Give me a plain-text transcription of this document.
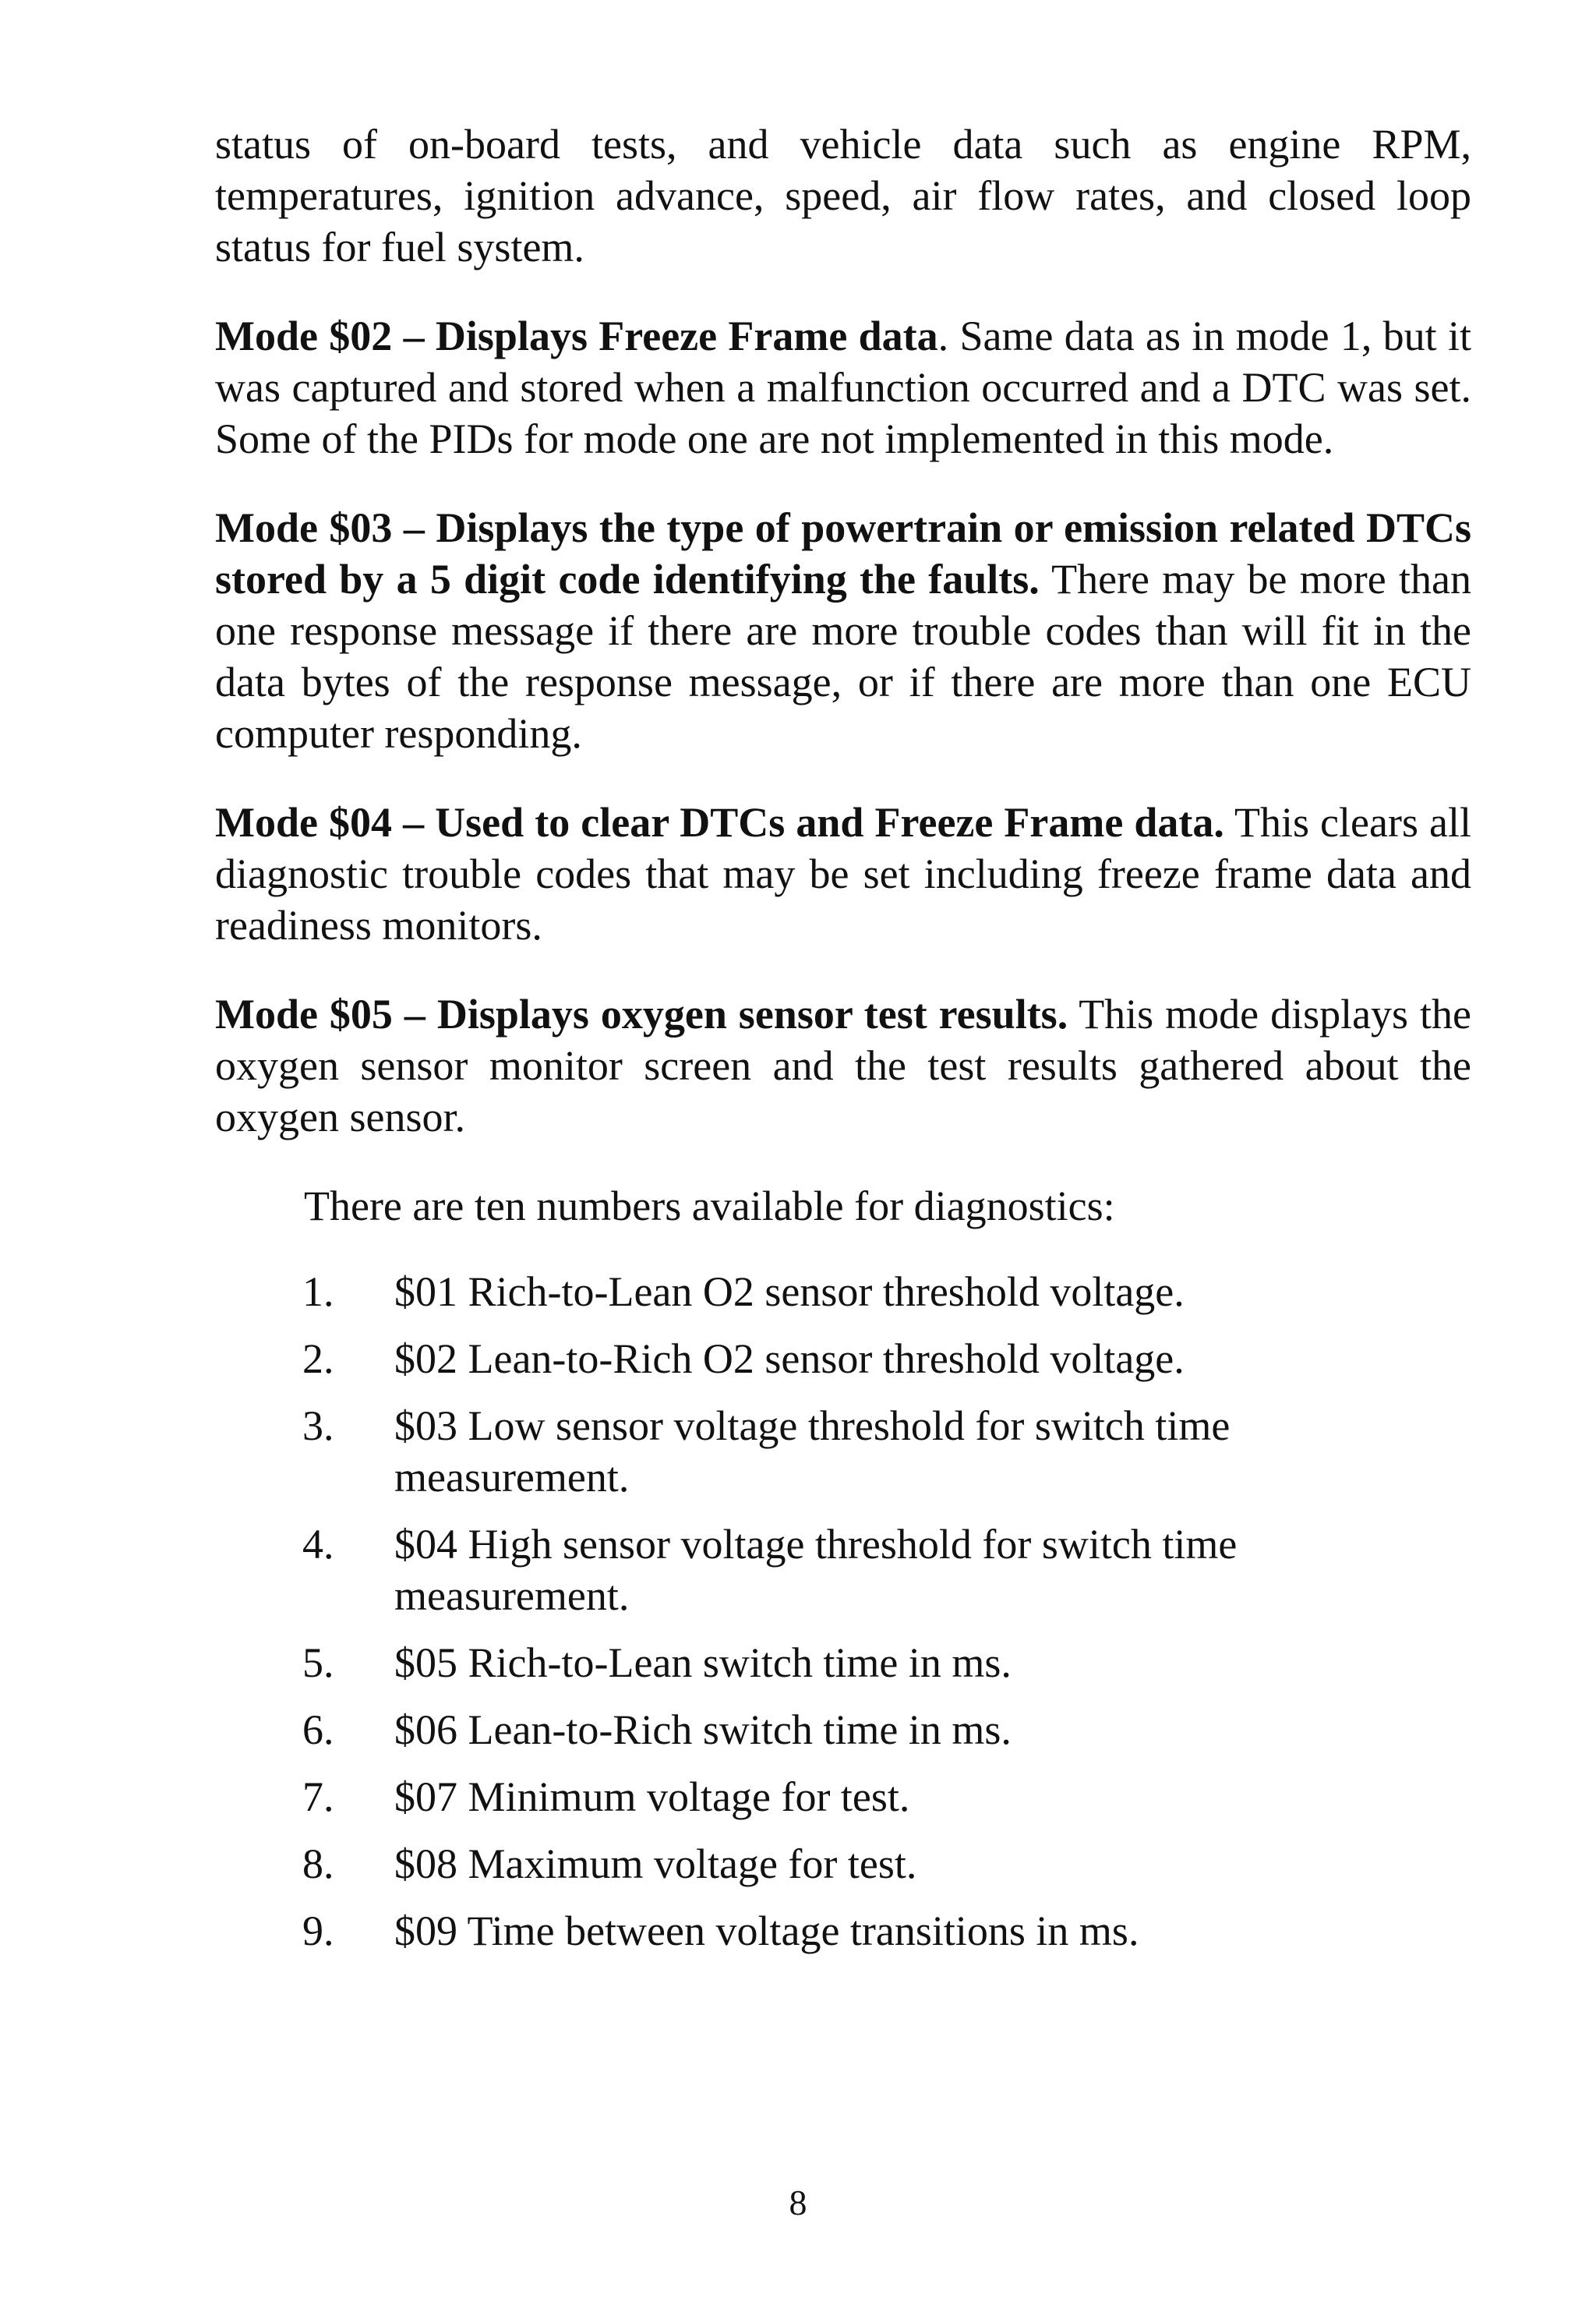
status of on-board tests, and vehicle data such as engine RPM, temperatures, ignition advance, speed, air flow rates, and closed loop status for fuel system.

Mode $02 – Displays Freeze Frame data. Same data as in mode 1, but it was captured and stored when a malfunction occurred and a DTC was set. Some of the PIDs for mode one are not implemented in this mode.

Mode $03 – Displays the type of powertrain or emission related DTCs stored by a 5 digit code identifying the faults. There may be more than one response message if there are more trouble codes than will fit in the data bytes of the response message, or if there are more than one ECU computer responding.

Mode $04 – Used to clear DTCs and Freeze Frame data. This clears all diagnostic trouble codes that may be set including freeze frame data and readiness monitors.

Mode $05 – Displays oxygen sensor test results. This mode displays the oxygen sensor monitor screen and the test results gathered about the oxygen sensor.

There are ten numbers available for diagnostics:

1. $01 Rich-to-Lean O2 sensor threshold voltage.
2. $02 Lean-to-Rich O2 sensor threshold voltage.
3. $03 Low sensor voltage threshold for switch time measurement.
4. $04 High sensor voltage threshold for switch time measurement.
5. $05 Rich-to-Lean switch time in ms.
6. $06 Lean-to-Rich switch time in ms.
7. $07 Minimum voltage for test.
8. $08 Maximum voltage for test.
9. $09 Time between voltage transitions in ms.
8
